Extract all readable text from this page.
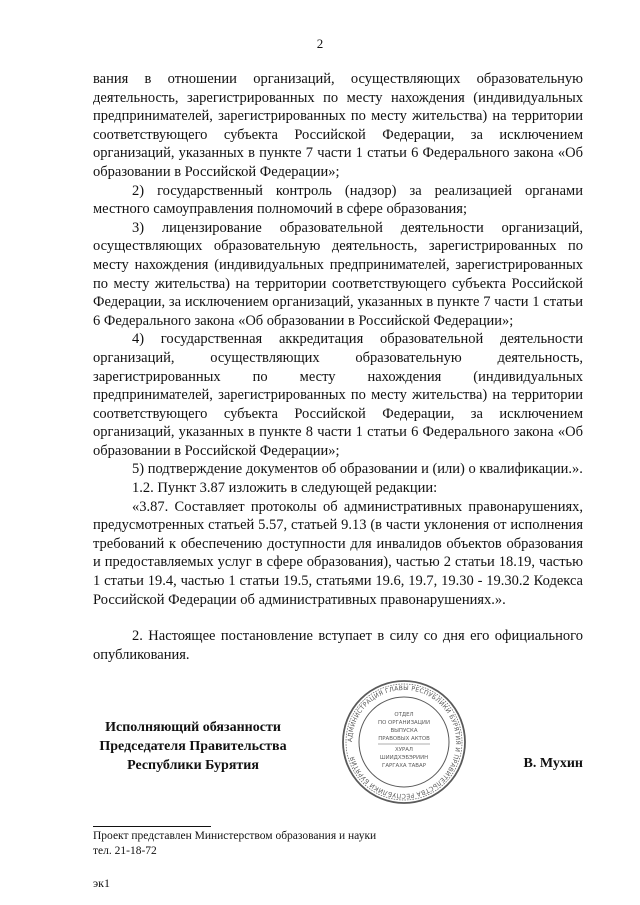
2

вания в отношении организаций, осуществляющих образовательную деятельность, зарегистрированных по месту нахождения (индивидуальных предпринимателей, зарегистрированных по месту жительства) на территории соответствующего субъекта Российской Федерации, за исключением организаций, указанных в пункте 7 части 1 статьи 6 Федерального закона «Об образовании в Российской Федерации»;

2) государственный контроль (надзор) за реализацией органами местного самоуправления полномочий в сфере образования;

3) лицензирование образовательной деятельности организаций, осуществляющих образовательную деятельность, зарегистрированных по месту нахождения (индивидуальных предпринимателей, зарегистрированных по месту жительства) на территории соответствующего субъекта Российской Федерации, за исключением организаций, указанных в пункте 7 части 1 статьи 6 Федерального закона «Об образовании в Российской Федерации»;

4) государственная аккредитация образовательной деятельности организаций, осуществляющих образовательную деятельность, зарегистрированных по месту нахождения (индивидуальных предпринимателей, зарегистрированных по месту жительства) на территории соответствующего субъекта Российской Федерации, за исключением организаций, указанных в пункте 8 части 1 статьи 6 Федерального закона «Об образовании в Российской Федерации»;

5) подтверждение документов об образовании и (или) о квалификации.».

1.2. Пункт 3.87 изложить в следующей редакции:

«3.87. Составляет протоколы об административных правонарушениях, предусмотренных статьей 5.57, статьей 9.13 (в части уклонения от исполнения требований к обеспечению доступности для инвалидов объектов образования и предоставляемых услуг в сфере образования), частью 2 статьи 18.19, частью 1 статьи 19.4, частью 1 статьи 19.5, статьями 19.6, 19.7, 19.30 - 19.30.2 Кодекса Российской Федерации об административных правонарушениях.».

2. Настоящее постановление вступает в силу со дня его официального опубликования.

Исполняющий обязанности
Председателя Правительства
Республики Бурятия
АДМИНИСТРАЦИЯ ГЛАВЫ РЕСПУБЛИКИ БУРЯТИЯ И ПРАВИТЕЛЬСТВА РЕСПУБЛИКИ БУРЯТИЯ
ОТДЕЛ
ПО ОРГАНИЗАЦИИ
ВЫПУСКА
ПРАВОВЫХ АКТОВ
ХУРАЛ
ШИИДХЭБЭРИИН
ГАРГАХА ТАВАР	В. Мухин

Проект представлен Министерством образования и науки

тел. 21-18-72

эк1
